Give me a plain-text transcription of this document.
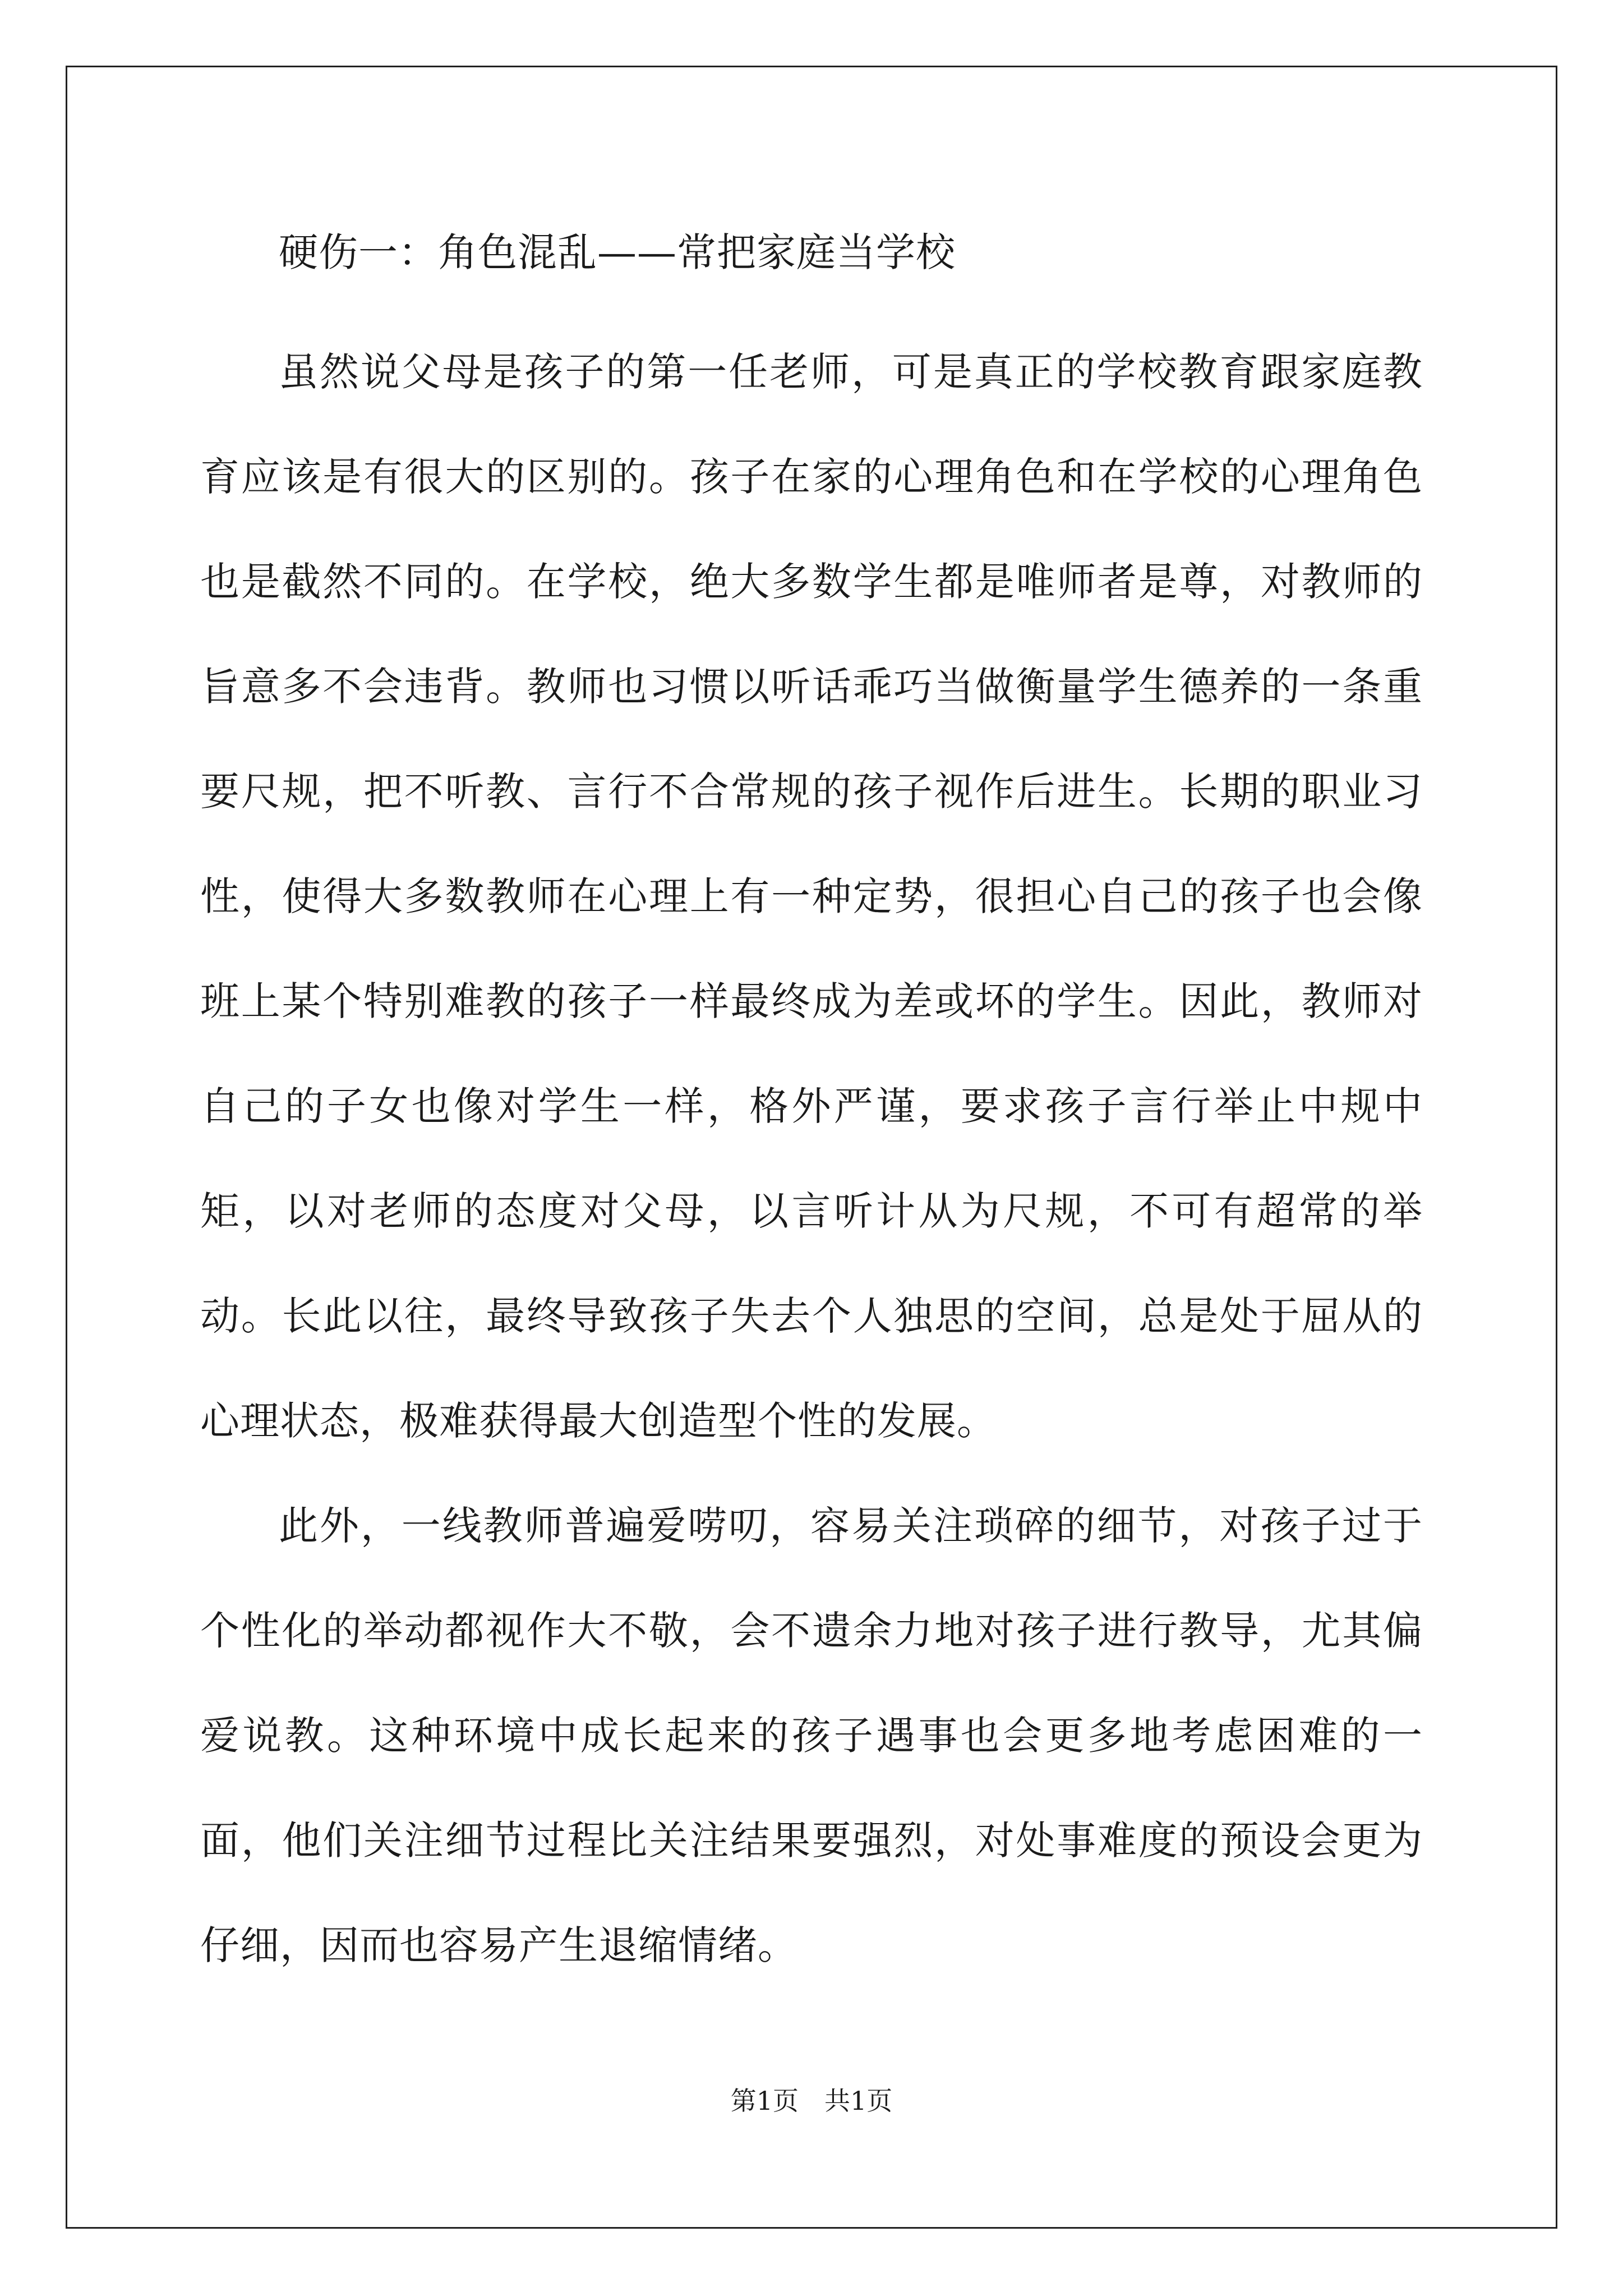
硬伤一：角色混乱——常把家庭当学校

虽然说父母是孩子的第一任老师，可是真正的学校教育跟家庭教育应该是有很大的区别的。孩子在家的心理角色和在学校的心理角色也是截然不同的。在学校，绝大多数学生都是唯师者是尊，对教师的旨意多不会违背。教师也习惯以听话乖巧当做衡量学生德养的一条重要尺规，把不听教、言行不合常规的孩子视作后进生。长期的职业习性，使得大多数教师在心理上有一种定势，很担心自己的孩子也会像班上某个特别难教的孩子一样最终成为差或坏的学生。因此，教师对自己的子女也像对学生一样，格外严谨，要求孩子言行举止中规中矩，以对老师的态度对父母，以言听计从为尺规，不可有超常的举动。长此以往，最终导致孩子失去个人独思的空间，总是处于屈从的心理状态，极难获得最大创造型个性的发展。

此外，一线教师普遍爱唠叨，容易关注琐碎的细节，对孩子过于个性化的举动都视作大不敬，会不遗余力地对孩子进行教导，尤其偏爱说教。这种环境中成长起来的孩子遇事也会更多地考虑困难的一面，他们关注细节过程比关注结果要强烈，对处事难度的预设会更为仔细，因而也容易产生退缩情绪。

第1页　共1页
